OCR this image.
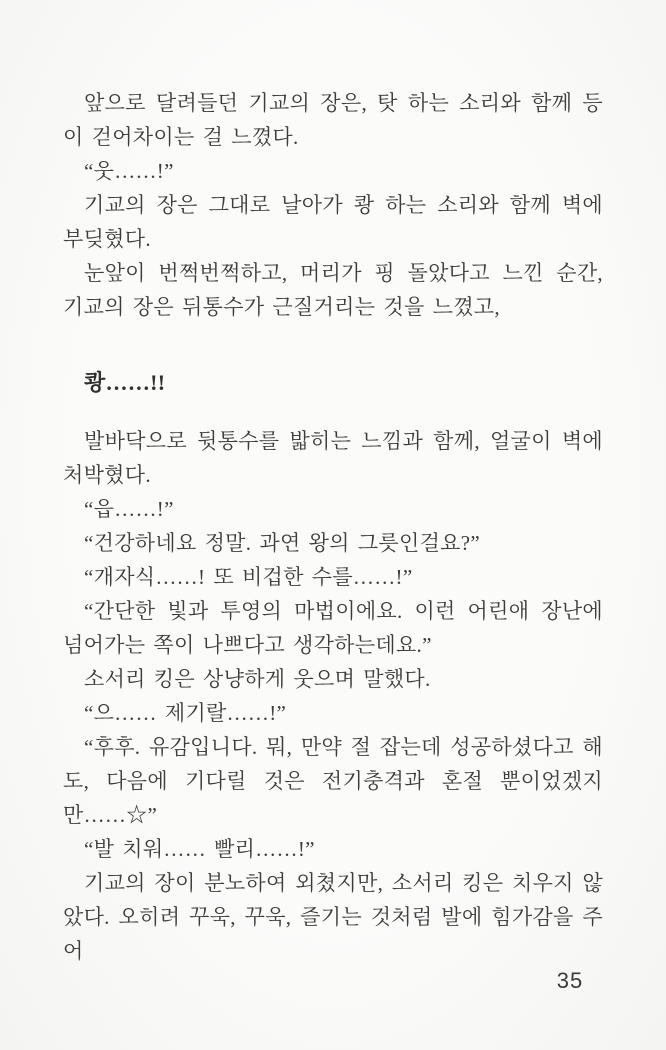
앞으로 달려들던 기교의 장은, 탓 하는 소리와 함께 등이 걷어차이는 걸 느꼈다.

“웃……!”

기교의 장은 그대로 날아가 쾅 하는 소리와 함께 벽에 부딪혔다.

눈앞이 번쩍번쩍하고, 머리가 핑 돌았다고 느낀 순간, 기교의 장은 뒤통수가 근질거리는 것을 느꼈고,

쾅……!!

발바닥으로 뒷통수를 밟히는 느낌과 함께, 얼굴이 벽에 처박혔다.

“읍……!”

“건강하네요 정말. 과연 왕의 그릇인걸요?”

“개자식……! 또 비겁한 수를……!”

“간단한 빛과 투영의 마법이에요. 이런 어린애 장난에 넘어가는 쪽이 나쁘다고 생각하는데요.”

소서리 킹은 상냥하게 웃으며 말했다.

“으…… 제기랄……!”

“후후. 유감입니다. 뭐, 만약 절 잡는데 성공하셨다고 해도, 다음에 기다릴 것은 전기충격과 혼절 뿐이었겠지만……☆”

“발 치워…… 빨리……!”

기교의 장이 분노하여 외쳤지만, 소서리 킹은 치우지 않았다. 오히려 꾸욱, 꾸욱, 즐기는 것처럼 발에 힘가감을 주어

35
